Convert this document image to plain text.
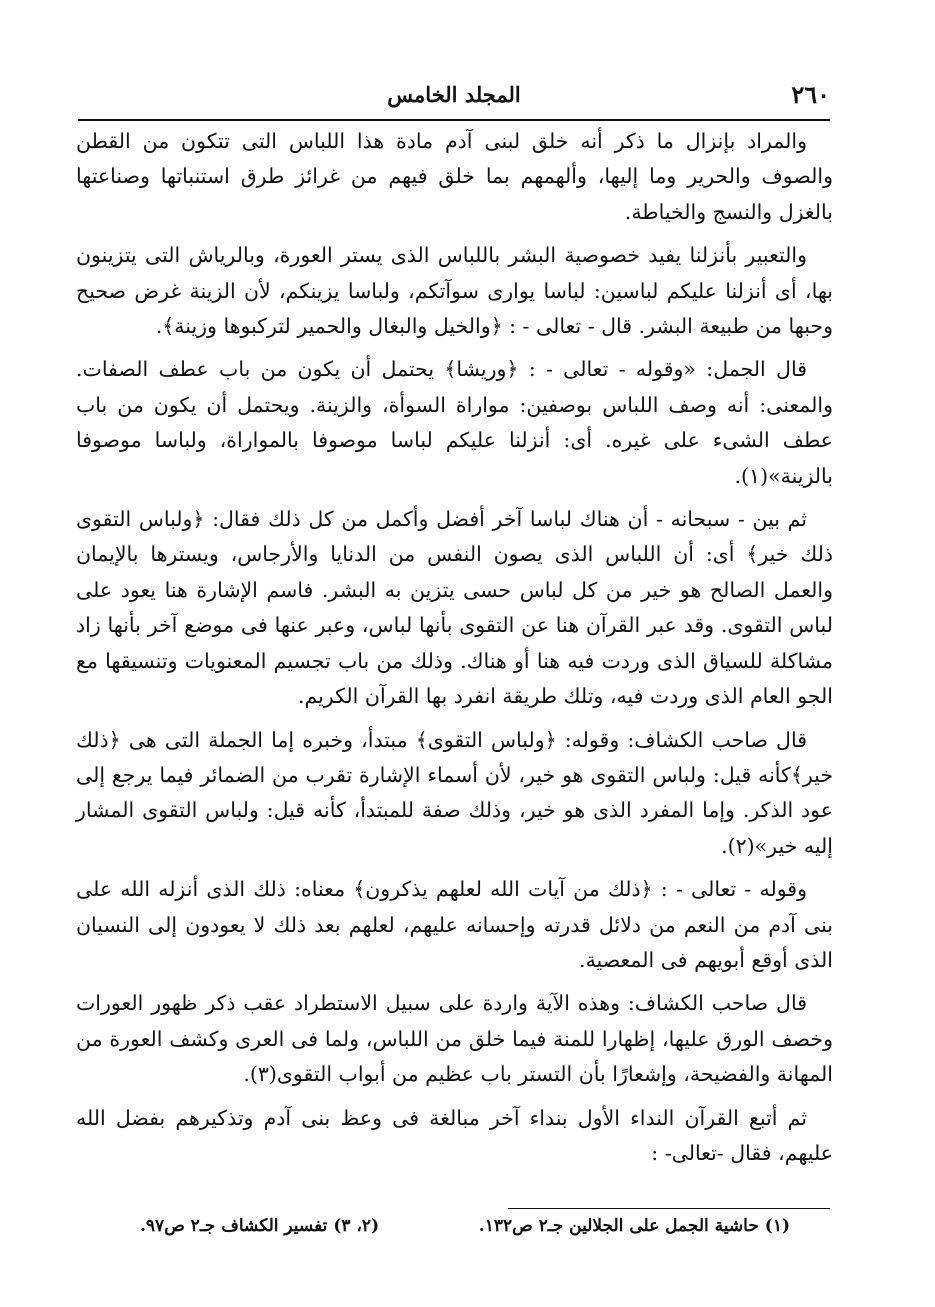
٢٦٠
المجلد الخامس

والمراد بإنزال ما ذكر أنه خلق لبنى آدم مادة هذا اللباس التى تتكون من القطن والصوف والحرير وما إليها، وألهمهم بما خلق فيهم من غرائز طرق استنباتها وصناعتها بالغزل والنسج والخياطة.

والتعبير بأنزلنا يفيد خصوصية البشر باللباس الذى يستر العورة، وبالرياش التى يتزينون بها، أى أنزلنا عليكم لباسين: لباسا يوارى سوآتكم، ولباسا يزينكم، لأن الزينة غرض صحيح وحبها من طبيعة البشر. قال - تعالى - : ﴿والخيل والبغال والحمير لتركبوها وزينة﴾.

قال الجمل: «وقوله - تعالى - : ﴿وريشا﴾ يحتمل أن يكون من باب عطف الصفات. والمعنى: أنه وصف اللباس بوصفين: مواراة السوأة، والزينة. ويحتمل أن يكون من باب عطف الشىء على غيره. أى: أنزلنا عليكم لباسا موصوفا بالمواراة، ولباسا موصوفا بالزينة»(١).

ثم بين - سبحانه - أن هناك لباسا آخر أفضل وأكمل من كل ذلك فقال: ﴿ولباس التقوى ذلك خير﴾ أى: أن اللباس الذى يصون النفس من الدنايا والأرجاس، ويسترها بالإيمان والعمل الصالح هو خير من كل لباس حسى يتزين به البشر. فاسم الإشارة هنا يعود على لباس التقوى. وقد عبر القرآن هنا عن التقوى بأنها لباس، وعبر عنها فى موضع آخر بأنها زاد مشاكلة للسياق الذى وردت فيه هنا أو هناك. وذلك من باب تجسيم المعنويات وتنسيقها مع الجو العام الذى وردت فيه، وتلك طريقة انفرد بها القرآن الكريم.

قال صاحب الكشاف: وقوله: ﴿ولباس التقوى﴾ مبتدأ، وخبره إما الجملة التى هى ﴿ذلك خير﴾كأنه قيل: ولباس التقوى هو خير، لأن أسماء الإشارة تقرب من الضمائر فيما يرجع إلى عود الذكر. وإما المفرد الذى هو خير، وذلك صفة للمبتدأ، كأنه قيل: ولباس التقوى المشار إليه خير»(٢).

وقوله - تعالى - : ﴿ذلك من آيات الله لعلهم يذكرون﴾ معناه: ذلك الذى أنزله الله على بنى آدم من النعم من دلائل قدرته وإحسانه عليهم، لعلهم بعد ذلك لا يعودون إلى النسيان الذى أوقع أبويهم فى المعصية.

قال صاحب الكشاف: وهذه الآية واردة على سبيل الاستطراد عقب ذكر ظهور العورات وخصف الورق عليها، إظهارا للمنة فيما خلق من اللباس، ولما فى العرى وكشف العورة من المهانة والفضيحة، وإشعارًا بأن التستر باب عظيم من أبواب التقوى(٣).

ثم أتبع القرآن النداء الأول بنداء آخر مبالغة فى وعظ بنى آدم وتذكيرهم بفضل الله عليهم، فقال -تعالى- :

(١) حاشية الجمل على الجلالين جـ٢ ص١٣٢.
(٢، ٣) تفسير الكشاف جـ٢ ص٩٧.
